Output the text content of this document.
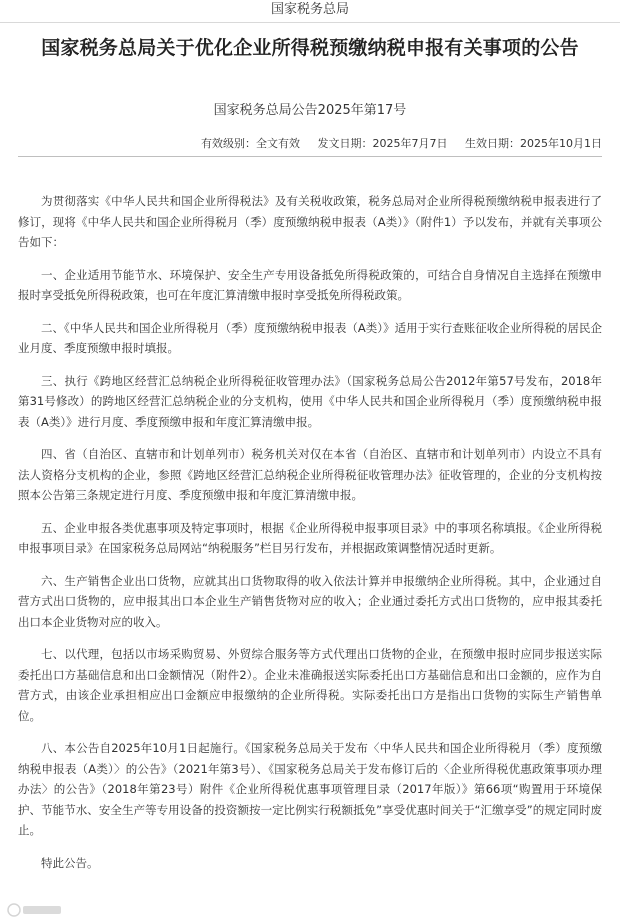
国家税务总局
国家税务总局关于优化企业所得税预缴纳税申报有关事项的公告
国家税务总局公告2025年第17号
有效级别：全文有效 发文日期：2025年7月7日 生效日期：2025年10月1日

为贯彻落实《中华人民共和国企业所得税法》及有关税收政策，税务总局对企业所得税预缴纳税申报表进行了修订，现将《中华人民共和国企业所得税月（季）度预缴纳税申报表（A类）》（附件1）予以发布，并就有关事项公告如下：

一、企业适用节能节水、环境保护、安全生产专用设备抵免所得税政策的，可结合自身情况自主选择在预缴申报时享受抵免所得税政策，也可在年度汇算清缴申报时享受抵免所得税政策。

二、《中华人民共和国企业所得税月（季）度预缴纳税申报表（A类）》适用于实行查账征收企业所得税的居民企业月度、季度预缴申报时填报。

三、执行《跨地区经营汇总纳税企业所得税征收管理办法》（国家税务总局公告2012年第57号发布，2018年第31号修改）的跨地区经营汇总纳税企业的分支机构，使用《中华人民共和国企业所得税月（季）度预缴纳税申报表（A类）》进行月度、季度预缴申报和年度汇算清缴申报。

四、省（自治区、直辖市和计划单列市）税务机关对仅在本省（自治区、直辖市和计划单列市）内设立不具有法人资格分支机构的企业，参照《跨地区经营汇总纳税企业所得税征收管理办法》征收管理的，企业的分支机构按照本公告第三条规定进行月度、季度预缴申报和年度汇算清缴申报。

五、企业申报各类优惠事项及特定事项时，根据《企业所得税申报事项目录》中的事项名称填报。《企业所得税申报事项目录》在国家税务总局网站“纳税服务”栏目另行发布，并根据政策调整情况适时更新。

六、生产销售企业出口货物，应就其出口货物取得的收入依法计算并申报缴纳企业所得税。其中，企业通过自营方式出口货物的，应申报其出口本企业生产销售货物对应的收入；企业通过委托方式出口货物的，应申报其委托出口本企业货物对应的收入。

七、以代理，包括以市场采购贸易、外贸综合服务等方式代理出口货物的企业，在预缴申报时应同步报送实际委托出口方基础信息和出口金额情况（附件2）。企业未准确报送实际委托出口方基础信息和出口金额的，应作为自营方式，由该企业承担相应出口金额应申报缴纳的企业所得税。实际委托出口方是指出口货物的实际生产销售单位。

八、本公告自2025年10月1日起施行。《国家税务总局关于发布〈中华人民共和国企业所得税月（季）度预缴纳税申报表（A类）〉的公告》（2021年第3号）、《国家税务总局关于发布修订后的〈企业所得税优惠政策事项办理办法〉的公告》（2018年第23号）附件《企业所得税优惠事项管理目录（2017年版）》第66项“购置用于环境保护、节能节水、安全生产等专用设备的投资额按一定比例实行税额抵免”享受优惠时间关于“汇缴享受”的规定同时废止。

特此公告。
